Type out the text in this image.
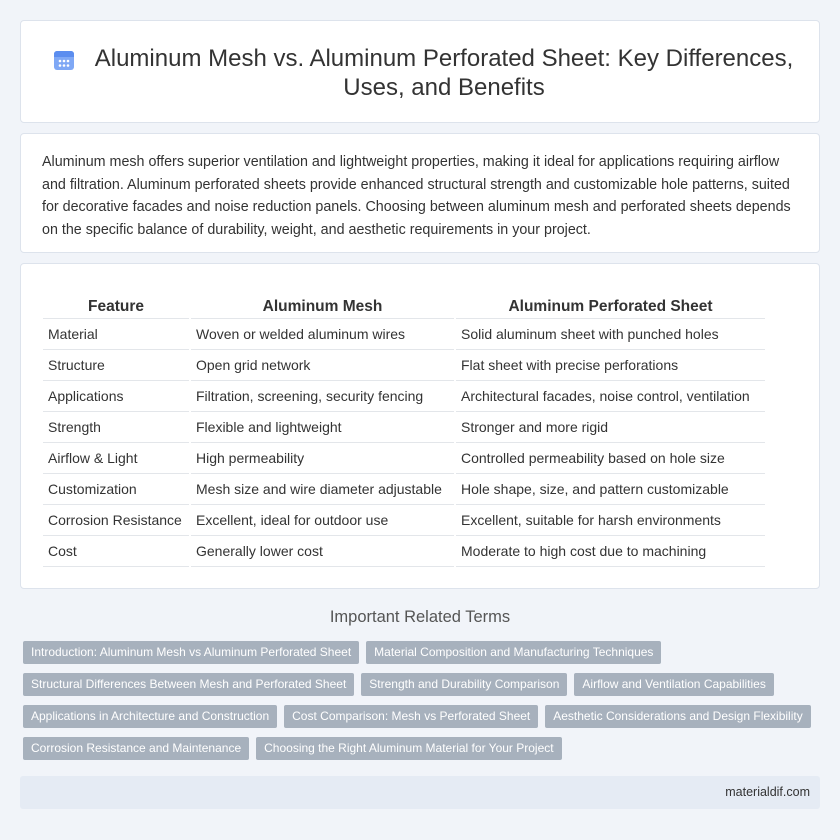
Aluminum Mesh vs. Aluminum Perforated Sheet: Key Differences, Uses, and Benefits

Aluminum mesh offers superior ventilation and lightweight properties, making it ideal for applications requiring airflow and filtration. Aluminum perforated sheets provide enhanced structural strength and customizable hole patterns, suited for decorative facades and noise reduction panels. Choosing between aluminum mesh and perforated sheets depends on the specific balance of durability, weight, and aesthetic requirements in your project.

Feature		Aluminum Mesh		Aluminum Perforated Sheet
Material		Woven or welded aluminum wires		Solid aluminum sheet with punched holes
Structure		Open grid network		Flat sheet with precise perforations
Applications		Filtration, screening, security fencing		Architectural facades, noise control, ventilation
Strength		Flexible and lightweight		Stronger and more rigid
Airflow & Light		High permeability		Controlled permeability based on hole size
Customization		Mesh size and wire diameter adjustable		Hole shape, size, and pattern customizable
Corrosion Resistance		Excellent, ideal for outdoor use		Excellent, suitable for harsh environments
Cost		Generally lower cost		Moderate to high cost due to machining
Important Related Terms
Introduction: Aluminum Mesh vs Aluminum Perforated Sheet	Material Composition and Manufacturing Techniques
Structural Differences Between Mesh and Perforated Sheet	Strength and Durability Comparison	Airflow and Ventilation Capabilities
Applications in Architecture and Construction	Cost Comparison: Mesh vs Perforated Sheet	Aesthetic Considerations and Design Flexibility
Corrosion Resistance and Maintenance	Choosing the Right Aluminum Material for Your Project
materialdif.com
